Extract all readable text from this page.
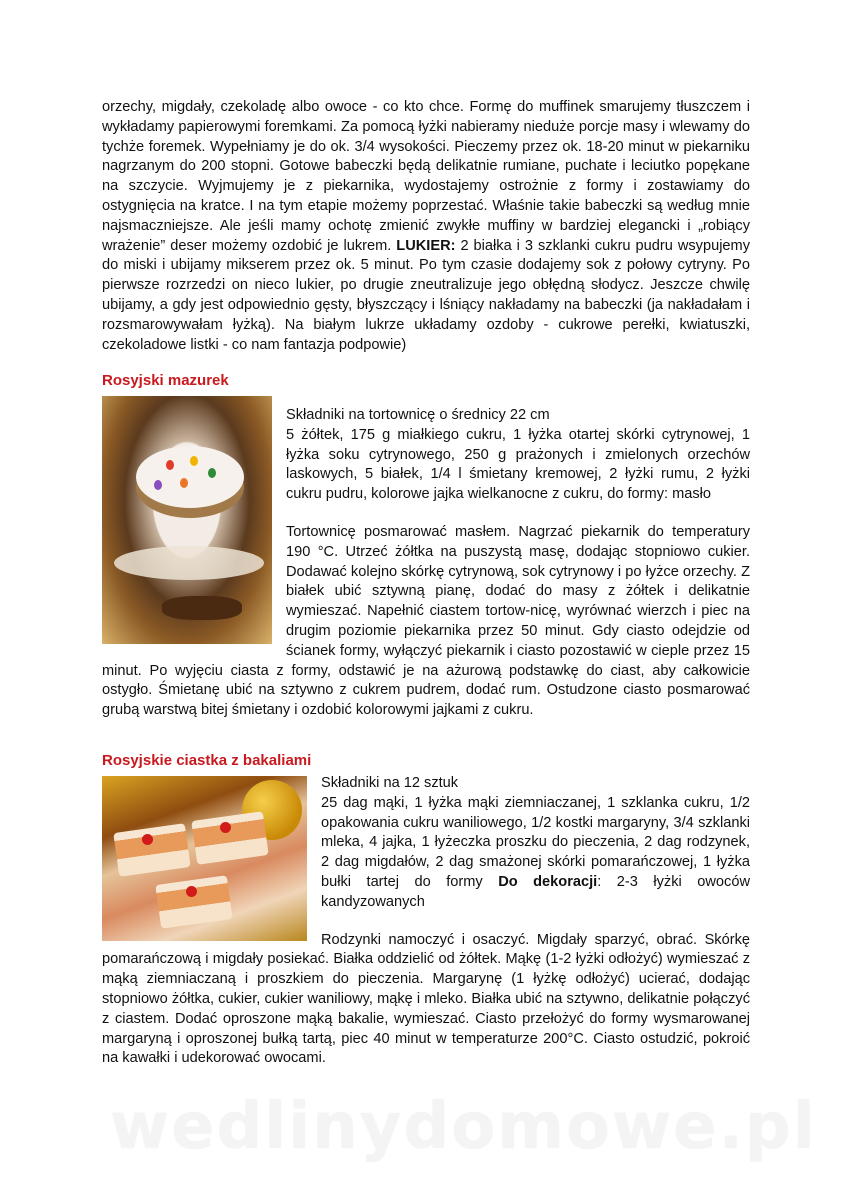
orzechy, migdały, czekoladę albo owoce - co kto chce. Formę do muffinek smarujemy tłuszczem i wykładamy papierowymi foremkami. Za pomocą łyżki nabieramy nieduże porcje masy i wlewamy do tychże foremek. Wypełniamy je do ok. 3/4 wysokości. Pieczemy przez ok. 18-20 minut w piekarniku nagrzanym do 200 stopni. Gotowe babeczki będą delikatnie rumiane, puchate i leciutko popękane na szczycie. Wyjmujemy je z piekarnika, wydostajemy ostrożnie z formy i zostawiamy do ostygnięcia na kratce. I na tym etapie możemy poprzestać. Właśnie takie babeczki są według mnie najsmaczniejsze. Ale jeśli mamy ochotę zmienić zwykłe muffiny w bardziej elegancki i „robiący wrażenie” deser możemy ozdobić je lukrem. LUKIER: 2 białka i 3 szklanki cukru pudru wsypujemy do miski i ubijamy mikserem przez ok. 5 minut. Po tym czasie dodajemy sok z połowy cytryny. Po pierwsze rozrzedzi on nieco lukier, po drugie zneutralizuje jego obłędną słodycz. Jeszcze chwilę ubijamy, a gdy jest odpowiednio gęsty, błyszczący i lśniący nakładamy na babeczki (ja nakładałam i rozsmarowywałam łyżką). Na białym lukrze układamy ozdoby - cukrowe perełki, kwiatuszki, czekoladowe listki - co nam fantazja podpowie)

Rosyjski mazurek

Składniki na tortownicę o średnicy 22 cm

5 żółtek, 175 g miałkiego cukru, 1 łyżka otartej skórki cytrynowej, 1 łyżka soku cytrynowego, 250 g prażonych i zmielonych orzechów laskowych, 5 białek, 1/4 l śmietany kremowej, 2 łyżki rumu, 2 łyżki cukru pudru, kolorowe jajka wielkanocne z cukru, do formy: masło

Tortownicę posmarować masłem. Nagrzać piekarnik do temperatury 190 °C. Utrzeć żółtka na puszystą masę, dodając stopniowo cukier. Dodawać kolejno skórkę cytrynową, sok cytrynowy i po łyżce orzechy. Z białek ubić sztywną pianę, dodać do masy z żółtek i delikatnie wymieszać. Napełnić ciastem tortow-nicę, wyrównać wierzch i piec na drugim poziomie piekarnika przez 50 minut. Gdy ciasto odejdzie od ścianek formy, wyłączyć piekarnik i ciasto pozostawić w cieple przez 15 minut. Po wyjęciu ciasta z formy, odstawić je na ażurową podstawkę do ciast, aby całkowicie ostygło. Śmietanę ubić na sztywno z cukrem pudrem, dodać rum. Ostudzone ciasto posmarować grubą warstwą bitej śmietany i ozdobić kolorowymi jajkami z cukru.

Rosyjskie ciastka z bakaliami

Składniki na 12 sztuk

25 dag mąki, 1 łyżka mąki ziemniaczanej, 1 szklanka cukru, 1/2 opakowania cukru waniliowego, 1/2 kostki margaryny, 3/4 szklanki mleka, 4 jajka, 1 łyżeczka proszku do pieczenia, 2 dag rodzynek, 2 dag migdałów, 2 dag smażonej skórki pomarańczowej, 1 łyżka bułki tartej do formy Do dekoracji: 2-3 łyżki owoców kandyzowanych

Rodzynki namoczyć i osaczyć. Migdały sparzyć, obrać. Skórkę pomarańczową i migdały posiekać. Białka oddzielić od żółtek. Mąkę (1-2 łyżki odłożyć) wymieszać z mąką ziemniaczaną i proszkiem do pieczenia. Margarynę (1 łyżkę odłożyć) ucierać, dodając stopniowo żółtka, cukier, cukier waniliowy, mąkę i mleko. Białka ubić na sztywno, delikatnie połączyć z ciastem. Dodać oproszone mąką bakalie, wymieszać. Ciasto przełożyć do formy wysmarowanej margaryną i oproszonej bułką tartą, piec 40 minut w temperaturze 200°C. Ciasto ostudzić, pokroić na kawałki i udekorować owocami.

wedlinydomowe.pl
